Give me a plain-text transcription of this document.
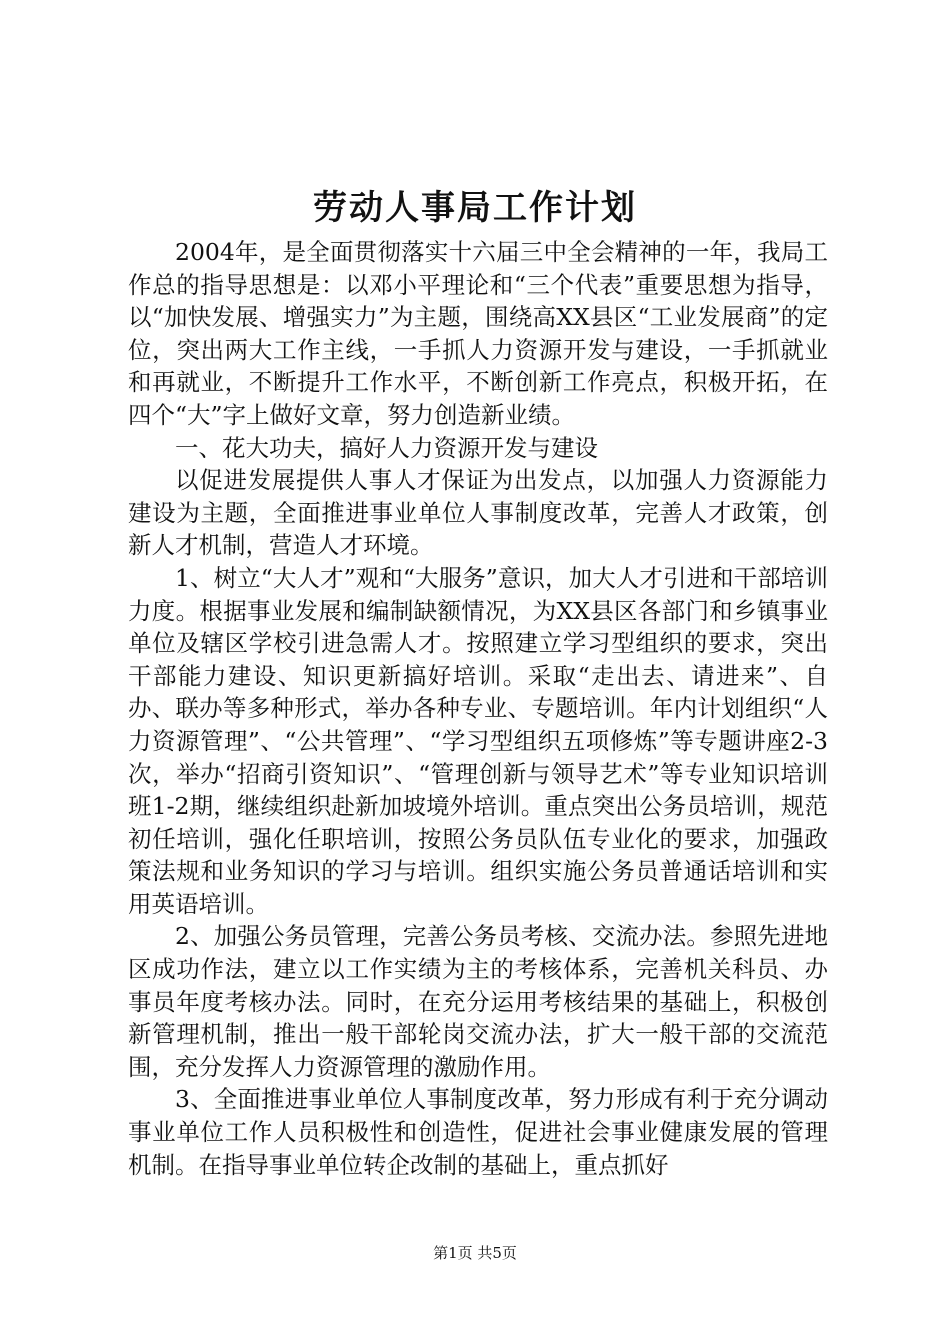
劳动人事局工作计划

2004年，是全面贯彻落实十六届三中全会精神的一年，我局工作总的指导思想是：以邓小平理论和“三个代表”重要思想为指导，以“加快发展、增强实力”为主题，围绕高XX县区“工业发展商”的定位，突出两大工作主线，一手抓人力资源开发与建设，一手抓就业和再就业，不断提升工作水平，不断创新工作亮点，积极开拓，在四个“大”字上做好文章，努力创造新业绩。

一、花大功夫，搞好人力资源开发与建设

以促进发展提供人事人才保证为出发点，以加强人力资源能力建设为主题，全面推进事业单位人事制度改革，完善人才政策，创新人才机制，营造人才环境。

1、树立“大人才”观和“大服务”意识，加大人才引进和干部培训力度。根据事业发展和编制缺额情况，为XX县区各部门和乡镇事业单位及辖区学校引进急需人才。按照建立学习型组织的要求，突出干部能力建设、知识更新搞好培训。采取“走出去、请进来”、自办、联办等多种形式，举办各种专业、专题培训。年内计划组织“人力资源管理”、“公共管理”、“学习型组织五项修炼”等专题讲座2-3次，举办“招商引资知识”、“管理创新与领导艺术”等专业知识培训班1-2期，继续组织赴新加坡境外培训。重点突出公务员培训，规范初任培训，强化任职培训，按照公务员队伍专业化的要求，加强政策法规和业务知识的学习与培训。组织实施公务员普通话培训和实用英语培训。

2、加强公务员管理，完善公务员考核、交流办法。参照先进地区成功作法，建立以工作实绩为主的考核体系，完善机关科员、办事员年度考核办法。同时，在充分运用考核结果的基础上，积极创新管理机制，推出一般干部轮岗交流办法，扩大一般干部的交流范围，充分发挥人力资源管理的激励作用。

3、全面推进事业单位人事制度改革，努力形成有利于充分调动事业单位工作人员积极性和创造性，促进社会事业健康发展的管理机制。在指导事业单位转企改制的基础上，重点抓好

第1页 共5页
